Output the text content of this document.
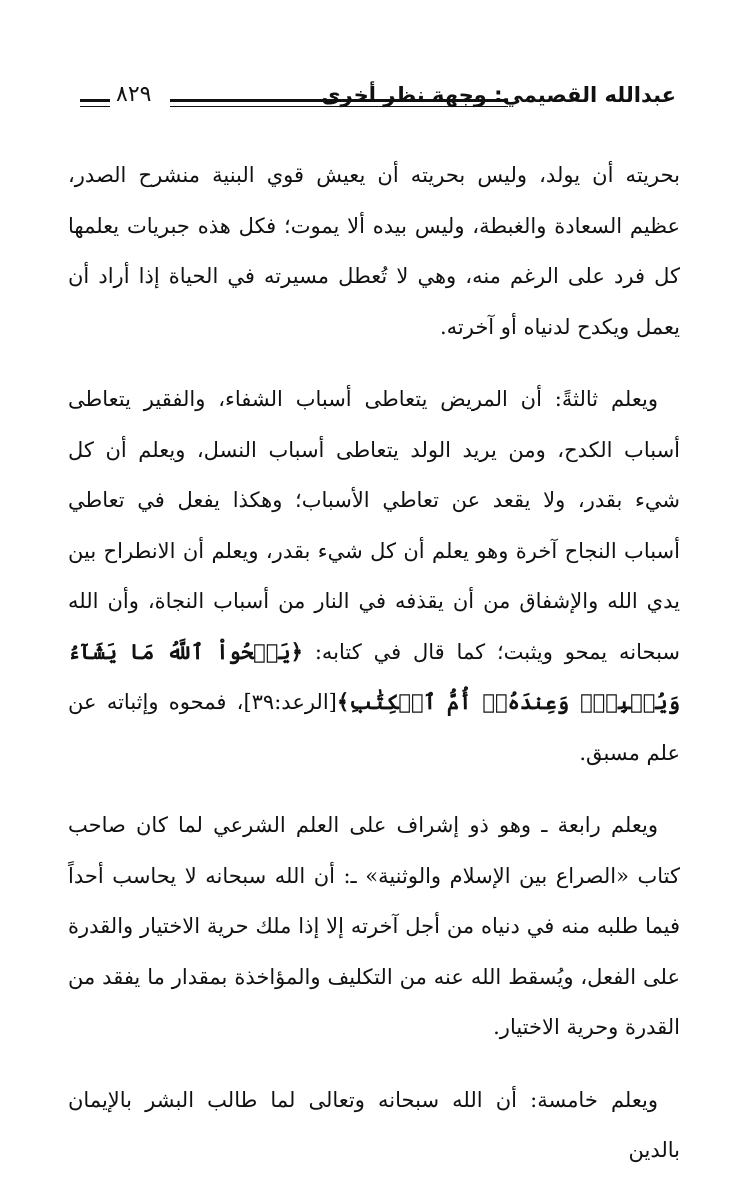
عبدالله القصيمي: وجهة نظر أخرى
٨٢٩

بحريته أن يولد، وليس بحريته أن يعيش قوي البنية منشرح الصدر، عظيم السعادة والغبطة، وليس بيده ألا يموت؛ فكل هذه جبريات يعلمها كل فرد على الرغم منه، وهي لا تُعطل مسيرته في الحياة إذا أراد أن يعمل ويكدح لدنياه أو آخرته.

ويعلم ثالثةً: أن المريض يتعاطى أسباب الشفاء، والفقير يتعاطى أسباب الكدح، ومن يريد الولد يتعاطى أسباب النسل، ويعلم أن كل شيء بقدر، ولا يقعد عن تعاطي الأسباب؛ وهكذا يفعل في تعاطي أسباب النجاح آخرة وهو يعلم أن كل شيء بقدر، ويعلم أن الانطراح بين يدي الله والإشفاق من أن يقذفه في النار من أسباب النجاة، وأن الله سبحانه يمحو ويثبت؛ كما قال في كتابه: ﴿يَمۡحُواْ ٱللَّهُ مَا يَشَآءُ وَيُثۡبِتُۖ وَعِندَهُۥٓ أُمُّ ٱلۡكِتَٰبِ﴾[الرعد:٣٩]، فمحوه وإثباته عن علم مسبق.

ويعلم رابعة ـ وهو ذو إشراف على العلم الشرعي لما كان صاحب كتاب «الصراع بين الإسلام والوثنية» ـ: أن الله سبحانه لا يحاسب أحداً فيما طلبه منه في دنياه من أجل آخرته إلا إذا ملك حرية الاختيار والقدرة على الفعل، ويُسقط الله عنه من التكليف والمؤاخذة بمقدار ما يفقد من القدرة وحرية الاختيار.

ويعلم خامسة: أن الله سبحانه وتعالى لما طالب البشر بالإيمان بالدين
